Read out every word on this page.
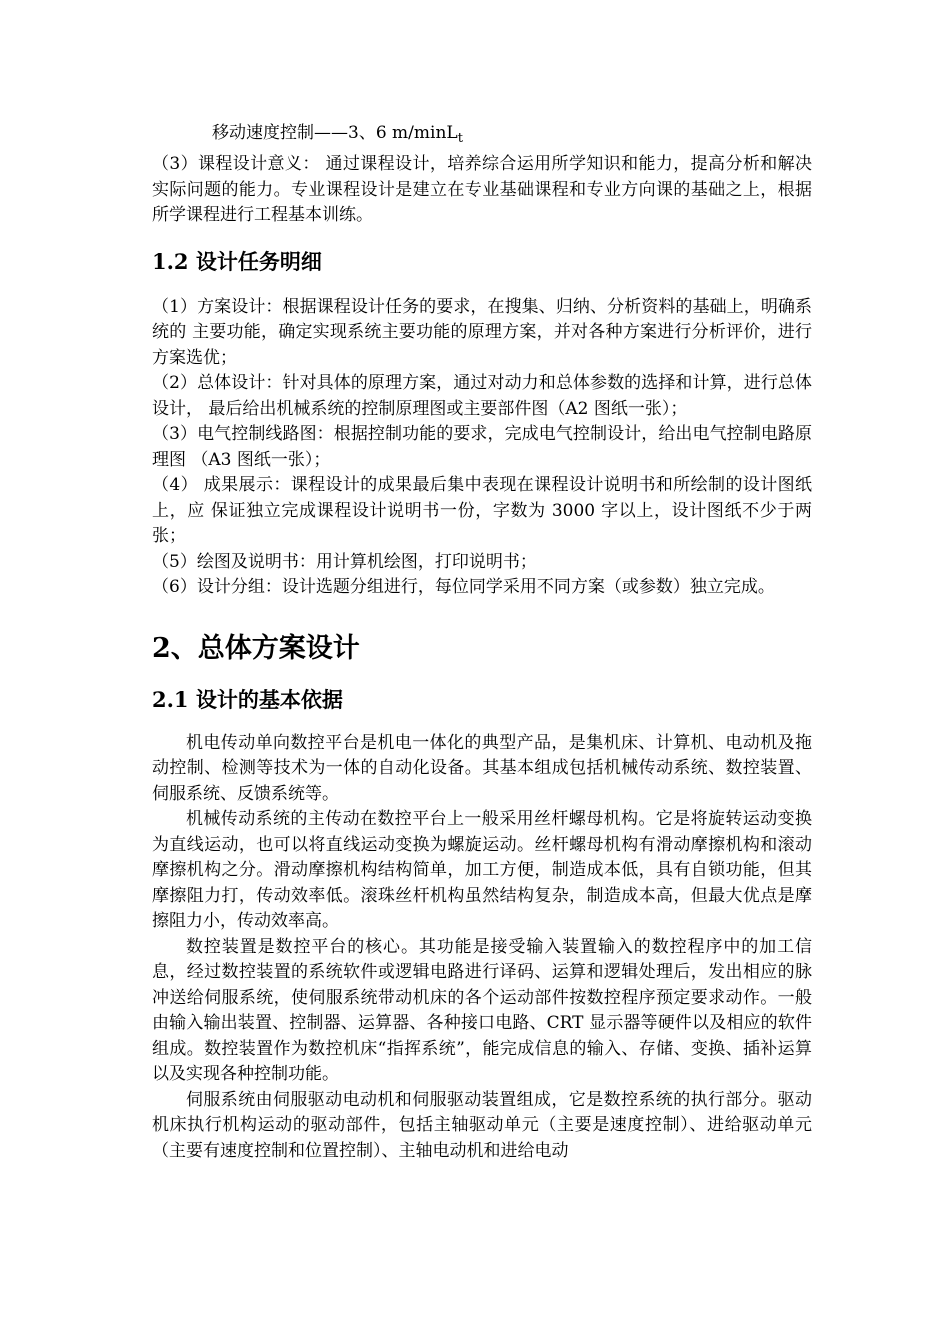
移动速度控制——3、6 m/minL$_t$

（3）课程设计意义： 通过课程设计，培养综合运用所学知识和能力，提高分析和解决实际问题的能力。专业课程设计是建立在专业基础课程和专业方向课的基础之上，根据所学课程进行工程基本训练。

1.2 设计任务明细

（1）方案设计：根据课程设计任务的要求，在搜集、归纳、分析资料的基础上，明确系统的 主要功能，确定实现系统主要功能的原理方案，并对各种方案进行分析评价，进行方案选优；

（2）总体设计：针对具体的原理方案，通过对动力和总体参数的选择和计算，进行总体设计， 最后给出机械系统的控制原理图或主要部件图（A2 图纸一张）；

（3）电气控制线路图：根据控制功能的要求，完成电气控制设计，给出电气控制电路原理图 （A3 图纸一张）；

（4） 成果展示：课程设计的成果最后集中表现在课程设计说明书和所绘制的设计图纸上，应 保证独立完成课程设计说明书一份，字数为 3000 字以上，设计图纸不少于两张；

（5）绘图及说明书：用计算机绘图，打印说明书；

（6）设计分组：设计选题分组进行，每位同学采用不同方案（或参数）独立完成。

2、总体方案设计
2.1 设计的基本依据

机电传动单向数控平台是机电一体化的典型产品，是集机床、计算机、电动机及拖动控制、检测等技术为一体的自动化设备。其基本组成包括机械传动系统、数控装置、伺服系统、反馈系统等。

机械传动系统的主传动在数控平台上一般采用丝杆螺母机构。它是将旋转运动变换为直线运动，也可以将直线运动变换为螺旋运动。丝杆螺母机构有滑动摩擦机构和滚动摩擦机构之分。滑动摩擦机构结构简单，加工方便，制造成本低，具有自锁功能，但其摩擦阻力打，传动效率低。滚珠丝杆机构虽然结构复杂，制造成本高，但最大优点是摩擦阻力小，传动效率高。

数控装置是数控平台的核心。其功能是接受输入装置输入的数控程序中的加工信息，经过数控装置的系统软件或逻辑电路进行译码、运算和逻辑处理后，发出相应的脉冲送给伺服系统，使伺服系统带动机床的各个运动部件按数控程序预定要求动作。一般由输入输出装置、控制器、运算器、各种接口电路、CRT 显示器等硬件以及相应的软件组成。数控装置作为数控机床“指挥系统”，能完成信息的输入、存储、变换、插补运算以及实现各种控制功能。

伺服系统由伺服驱动电动机和伺服驱动装置组成，它是数控系统的执行部分。驱动机床执行机构运动的驱动部件，包括主轴驱动单元（主要是速度控制）、进给驱动单元（主要有速度控制和位置控制）、主轴电动机和进给电动
